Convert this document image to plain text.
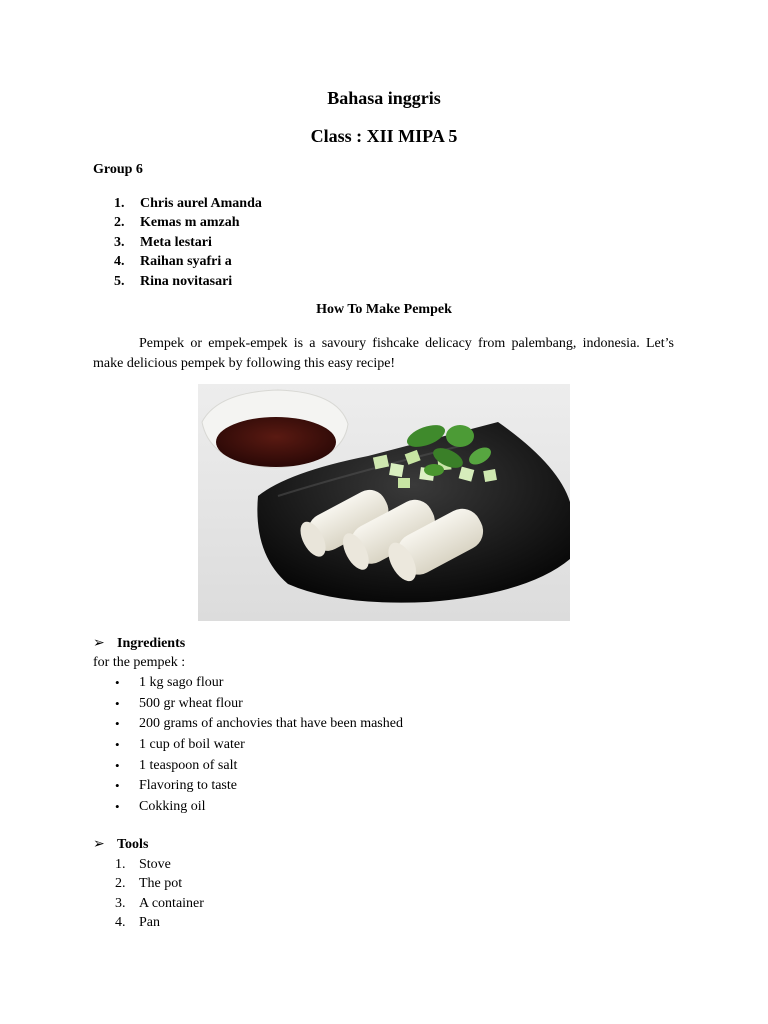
Bahasa inggris
Class : XII MIPA 5
Group 6
1. Chris aurel Amanda
2. Kemas m amzah
3. Meta lestari
4. Raihan syafri a
5. Rina novitasari
How To Make Pempek

Pempek or empek-empek is a savoury fishcake delicacy from palembang, indonesia. Let’s make delicious pempek by following this easy recipe!

➢ Ingredients
for the pempek :
• 1 kg sago flour
• 500 gr wheat flour
• 200 grams of anchovies that have been mashed
• 1 cup of boil water
• 1 teaspoon of salt
• Flavoring to taste
• Cokking oil
➢ Tools
1. Stove
2. The pot
3. A container
4. Pan
